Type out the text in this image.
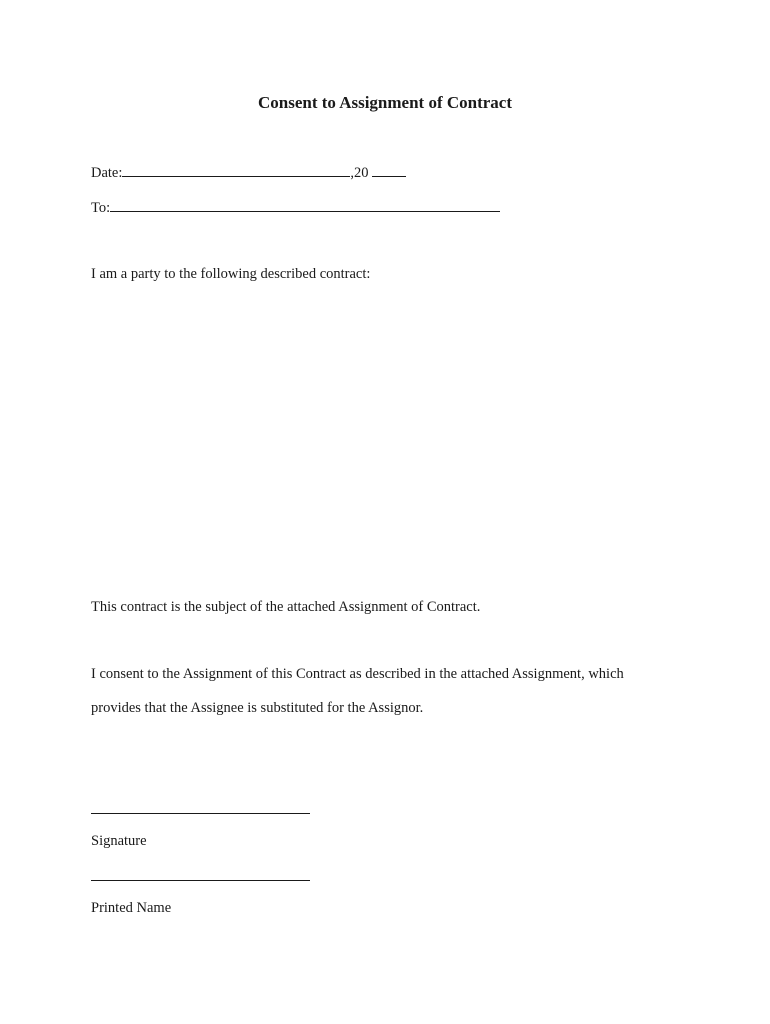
Consent to Assignment of Contract
Date:	,20
To:
I am a party to the following described contract:
This contract is the subject of the attached Assignment of Contract.
I consent to the Assignment of this Contract as described in the attached Assignment, which
provides that the Assignee is substituted for the Assignor.
Signature
Printed Name
